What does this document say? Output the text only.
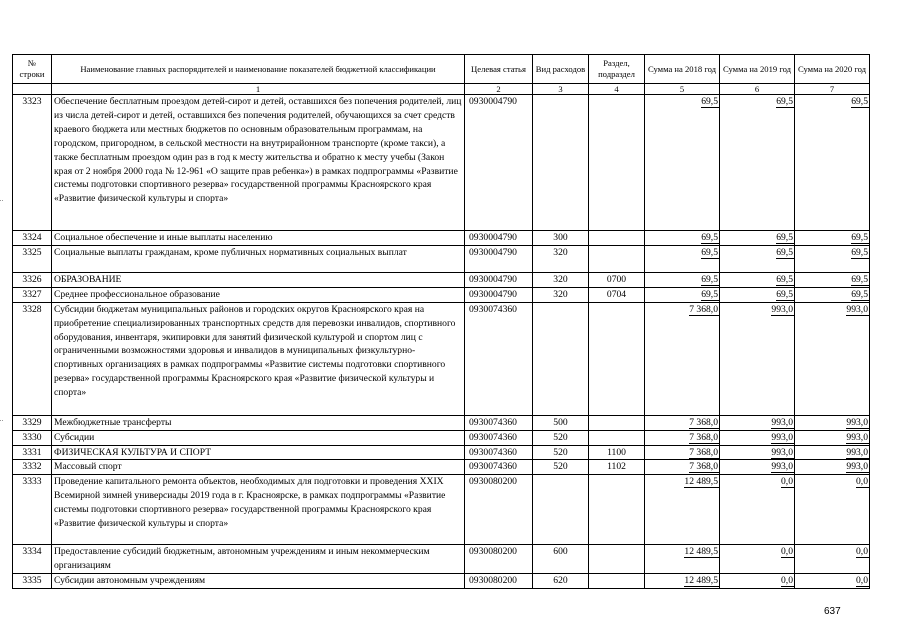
№ строки	Наименование главных распорядителей и наименование показателей бюджетной классификации	Целевая статья	Вид расходов	Раздел, подраздел	Сумма на 2018 год	Сумма на 2019 год	Сумма на 2020 год
	1	2	3	4	5	6	7
3323	Обеспечение бесплатным проездом детей-сирот и детей, оставшихся без попечения родителей, лиц из числа детей-сирот и детей, оставшихся без попечения родителей, обучающихся за счет средств краевого бюджета или местных бюджетов по основным образовательным программам, на городском, пригородном, в сельской местности на внутрирайонном транспорте (кроме такси), а также бесплатным проездом один раз в год к месту жительства и обратно к месту учебы (Закон края от 2 ноября 2000 года № 12-961 «О защите прав ребенка») в рамках подпрограммы «Развитие системы подготовки спортивного резерва» государственной программы Красноярского края «Развитие физической культуры и спорта»	0930004790			69,5	69,5	69,5
3324	Социальное обеспечение и иные выплаты населению	0930004790	300		69,5	69,5	69,5
3325	Социальные выплаты гражданам, кроме публичных нормативных социальных выплат	0930004790	320		69,5	69,5	69,5
3326	ОБРАЗОВАНИЕ	0930004790	320	0700	69,5	69,5	69,5
3327	Среднее профессиональное образование	0930004790	320	0704	69,5	69,5	69,5
3328	Субсидии бюджетам муниципальных районов и городских округов Красноярского края на приобретение специализированных транспортных средств для перевозки инвалидов, спортивного оборудования, инвентаря, экипировки для занятий физической культурой и спортом лиц с ограниченными возможностями здоровья и инвалидов в муниципальных физкультурно-спортивных организациях в рамках подпрограммы «Развитие системы подготовки спортивного резерва» государственной программы Красноярского края «Развитие физической культуры и спорта»	0930074360			7 368,0	993,0	993,0
3329	Межбюджетные трансферты	0930074360	500		7 368,0	993,0	993,0
3330	Субсидии	0930074360	520		7 368,0	993,0	993,0
3331	ФИЗИЧЕСКАЯ КУЛЬТУРА И СПОРТ	0930074360	520	1100	7 368,0	993,0	993,0
3332	Массовый спорт	0930074360	520	1102	7 368,0	993,0	993,0
3333	Проведение капитального ремонта объектов, необходимых для подготовки и проведения XXIX Всемирной зимней универсиады 2019 года в г. Красноярске, в рамках подпрограммы «Развитие системы подготовки спортивного резерва» государственной программы Красноярского края «Развитие физической культуры и спорта»	0930080200			12 489,5	0,0	0,0
3334	Предоставление субсидий бюджетным, автономным учреждениям и иным некоммерческим организациям	0930080200	600		12 489,5	0,0	0,0
3335	Субсидии автономным учреждениям	0930080200	620		12 489,5	0,0	0,0
637
